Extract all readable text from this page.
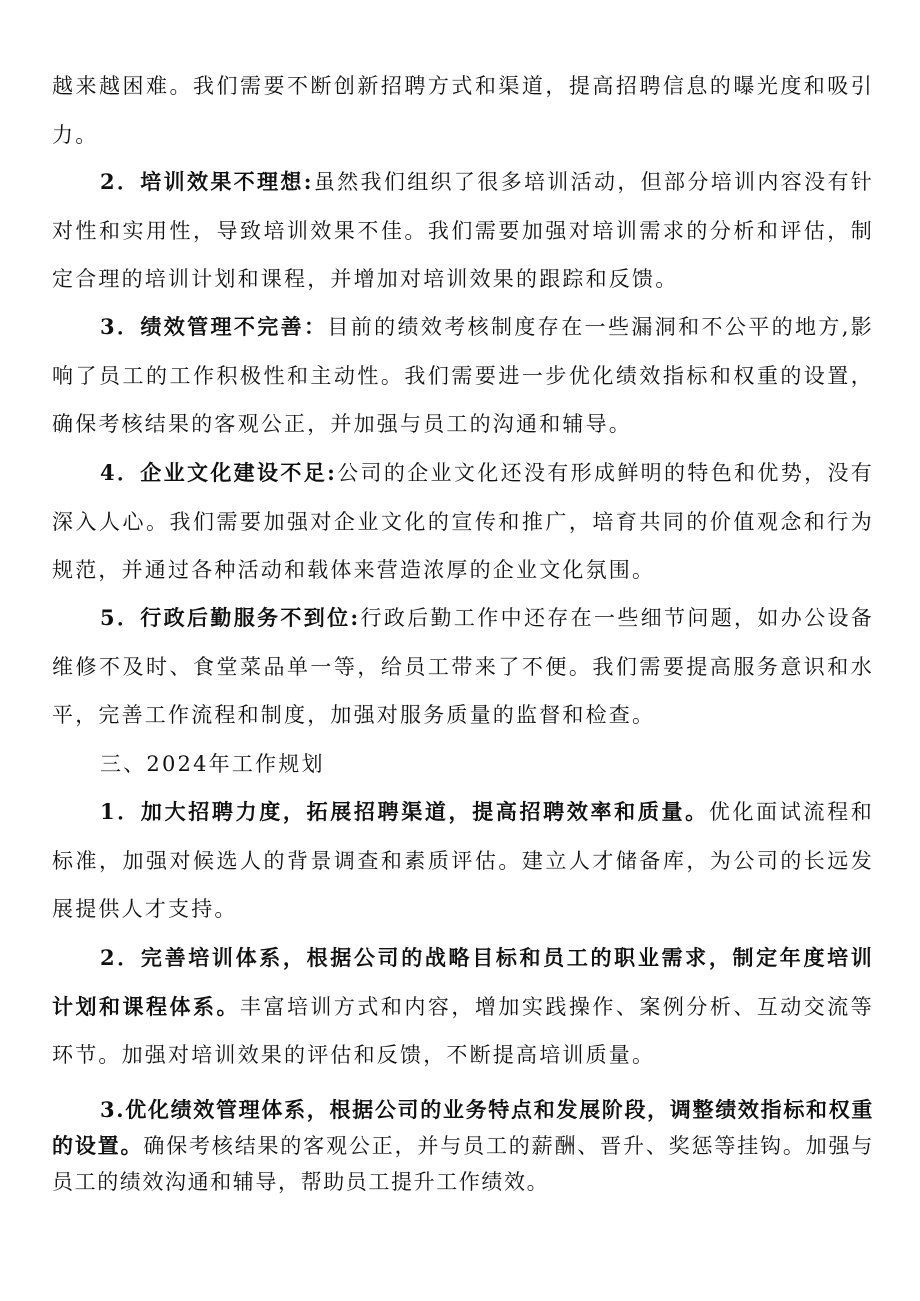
越来越困难。我们需要不断创新招聘方式和渠道，提高招聘信息的曝光度和吸引力。

2．培训效果不理想:虽然我们组织了很多培训活动，但部分培训内容没有针对性和实用性，导致培训效果不佳。我们需要加强对培训需求的分析和评估，制定合理的培训计划和课程，并增加对培训效果的跟踪和反馈。

3．绩效管理不完善：目前的绩效考核制度存在一些漏洞和不公平的地方,影响了员工的工作积极性和主动性。我们需要进一步优化绩效指标和权重的设置，确保考核结果的客观公正，并加强与员工的沟通和辅导。

4．企业文化建设不足:公司的企业文化还没有形成鲜明的特色和优势，没有深入人心。我们需要加强对企业文化的宣传和推广，培育共同的价值观念和行为规范，并通过各种活动和载体来营造浓厚的企业文化氛围。

5．行政后勤服务不到位:行政后勤工作中还存在一些细节问题，如办公设备维修不及时、食堂菜品单一等，给员工带来了不便。我们需要提高服务意识和水平，完善工作流程和制度，加强对服务质量的监督和检查。

三、2024年工作规划

1．加大招聘力度，拓展招聘渠道，提高招聘效率和质量。优化面试流程和标准，加强对候选人的背景调查和素质评估。建立人才储备库，为公司的长远发展提供人才支持。

2．完善培训体系，根据公司的战略目标和员工的职业需求，制定年度培训计划和课程体系。丰富培训方式和内容，增加实践操作、案例分析、互动交流等环节。加强对培训效果的评估和反馈，不断提高培训质量。

3.优化绩效管理体系，根据公司的业务特点和发展阶段，调整绩效指标和权重的设置。确保考核结果的客观公正，并与员工的薪酬、晋升、奖惩等挂钩。加强与员工的绩效沟通和辅导，帮助员工提升工作绩效。
